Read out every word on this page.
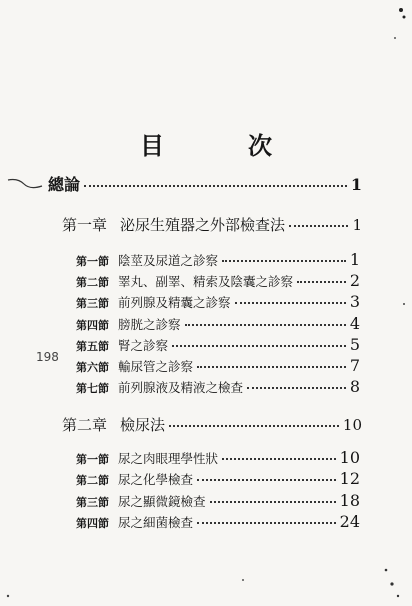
目　次
總論	1
第一章 泌尿生殖器之外部檢查法	1
第一節 陰莖及尿道之診察	1
第二節 睪丸、副睪、精索及陰囊之診察	2
第三節 前列腺及精囊之診察	3
第四節 膀胱之診察	4
第五節 腎之診察	5
第六節 輸尿管之診察	7
第七節 前列腺液及精液之檢查	8
第二章 檢尿法	10
第一節 尿之肉眼理學性狀	10
第二節 尿之化學檢查	12
第三節 尿之顯微鏡檢查	18
第四節 尿之細菌檢查	24
198
